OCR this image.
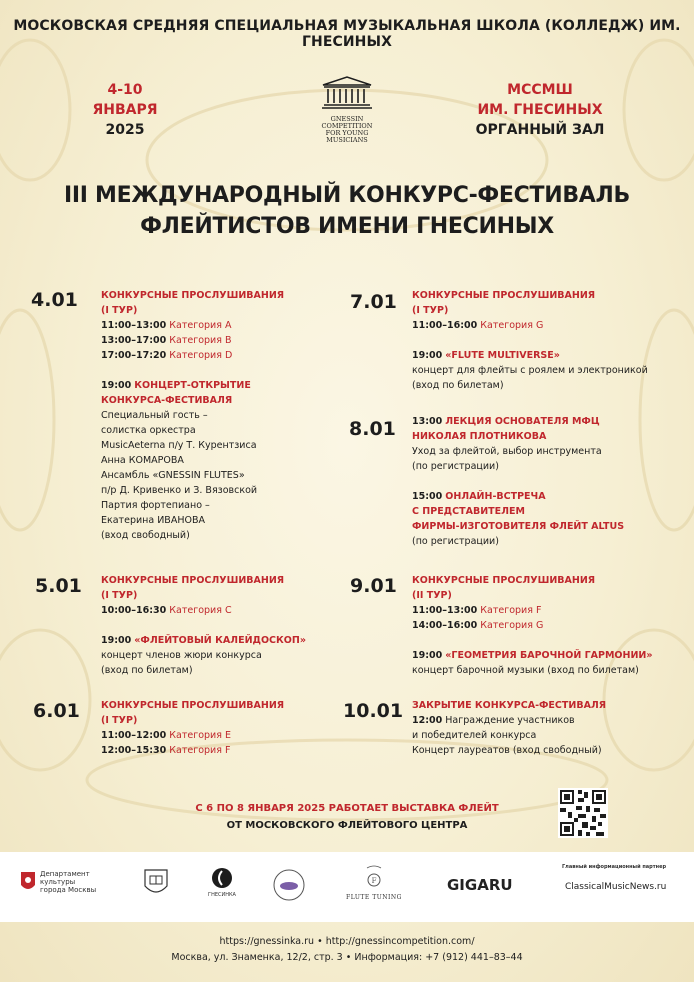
МОСКОВСКАЯ СРЕДНЯЯ СПЕЦИАЛЬНАЯ МУЗЫКАЛЬНАЯ ШКОЛА (КОЛЛЕДЖ) ИМ. ГНЕСИНЫХ
4-10
ЯНВАРЯ
2025
GNESSIN
COMPETITION
FOR YOUNG
MUSICIANS
МССМШ
ИМ. ГНЕСИНЫХ
ОРГАННЫЙ ЗАЛ
III МЕЖДУНАРОДНЫЙ КОНКУРС-ФЕСТИВАЛЬ
ФЛЕЙТИСТОВ ИМЕНИ ГНЕСИНЫХ
4.01 КОНКУРСНЫЕ ПРОСЛУШИВАНИЯ
(I ТУР)
11:00–13:00 Категория A
13:00–17:00 Категория B
17:00–17:20 Категория D
19:00 КОНЦЕРТ-ОТКРЫТИЕ
КОНКУРСА-ФЕСТИВАЛЯ
Специальный гость –
солистка оркестра
MusicAeterna п/у Т. Курентзиса
Анна КОМАРОВА
Ансамбль «GNESSIN FLUTES»
п/р Д. Кривенко и З. Вязовской
Партия фортепиано –
Екатерина ИВАНОВА
(вход свободный)
5.01 КОНКУРСНЫЕ ПРОСЛУШИВАНИЯ
(I ТУР)
10:00–16:30 Категория C
19:00 «ФЛЕЙТОВЫЙ КАЛЕЙДОСКОП»
концерт членов жюри конкурса
(вход по билетам)
6.01 КОНКУРСНЫЕ ПРОСЛУШИВАНИЯ
(I ТУР)
11:00–12:00 Категория E
12:00–15:30 Категория F
7.01 КОНКУРСНЫЕ ПРОСЛУШИВАНИЯ
(I ТУР)
11:00–16:00 Категория G
19:00 «FLUTE MULTIVERSE»
концерт для флейты с роялем и электроникой
(вход по билетам)
8.01 13:00 ЛЕКЦИЯ ОСНОВАТЕЛЯ МФЦ
НИКОЛАЯ ПЛОТНИКОВА
Уход за флейтой, выбор инструмента
(по регистрации)
15:00 ОНЛАЙН-ВСТРЕЧА
С ПРЕДСТАВИТЕЛЕМ
ФИРМЫ-ИЗГОТОВИТЕЛЯ ФЛЕЙТ ALTUS
(по регистрации)
9.01 КОНКУРСНЫЕ ПРОСЛУШИВАНИЯ
(II ТУР)
11:00–13:00 Категория F
14:00–16:00 Категория G
19:00 «ГЕОМЕТРИЯ БАРОЧНОЙ ГАРМОНИИ»
концерт барочной музыки (вход по билетам)
10.01 ЗАКРЫТИЕ КОНКУРСА-ФЕСТИВАЛЯ
12:00 Награждение участников
и победителей конкурса
Концерт лауреатов (вход свободный)
С 6 ПО 8 ЯНВАРЯ 2025 РАБОТАЕТ ВЫСТАВКА ФЛЕЙТ
ОТ МОСКОВСКОГО ФЛЕЙТОВОГО ЦЕНТРА
Департамент
культуры
города Москвы
ГНЕСИНКА
F
FLUTE TUNING
GIGARU
Главный информационный партнер
ClassicalMusicNews.ru
https://gnessinka.ru • http://gnessincompetition.com/
Москва, ул. Знаменка, 12/2, стр. 3 • Информация: +7 (912) 441–83–44
